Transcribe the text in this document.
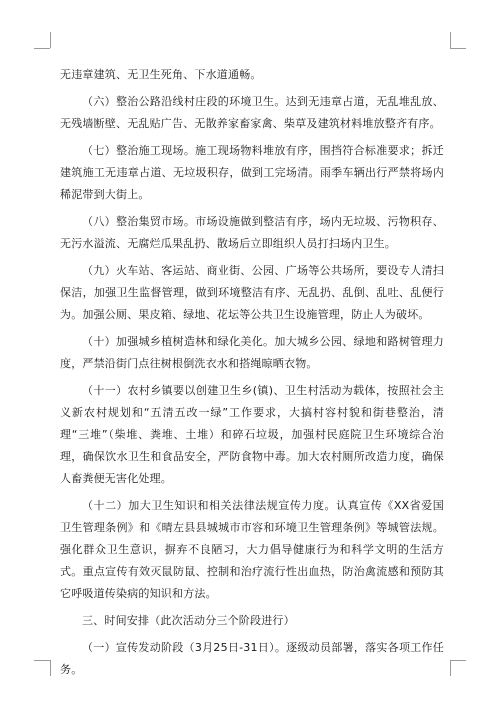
无违章建筑、无卫生死角、下水道通畅。

（六）整治公路沿线村庄段的环境卫生。达到无违章占道，无乱堆乱放、无残墙断壁、无乱贴广告、无散养家畜家禽、柴草及建筑材料堆放整齐有序。

（七）整治施工现场。施工现场物料堆放有序，围挡符合标准要求；拆迁建筑施工无违章占道、无垃圾积存，做到工完场清。雨季车辆出行严禁将场内稀泥带到大街上。

（八）整治集贸市场。市场设施做到整洁有序，场内无垃圾、污物积存、无污水溢流、无腐烂瓜果乱扔、散场后立即组织人员打扫场内卫生。

（九）火车站、客运站、商业街、公园、广场等公共场所，要设专人清扫保洁，加强卫生监督管理，做到环境整洁有序、无乱扔、乱倒、乱吐、乱便行为。加强公厕、果皮箱、绿地、花坛等公共卫生设施管理，防止人为破坏。

（十）加强城乡植树造林和绿化美化。加大城乡公园、绿地和路树管理力度，严禁沿街门点往树根倒洗衣水和搭绳晾晒衣物。

（十一）农村乡镇要以创建卫生乡(镇)、卫生村活动为载体，按照社会主义新农村规划和“五清五改一绿”工作要求，大搞村容村貌和街巷整治，清理“三堆”（柴堆、粪堆、土堆）和碎石垃圾，加强村民庭院卫生环境综合治理，确保饮水卫生和食品安全，严防食物中毒。加大农村厕所改造力度，确保人畜粪便无害化处理。

（十二）加大卫生知识和相关法律法规宣传力度。认真宣传《XX省爱国卫生管理条例》和《晴左县县城城市市容和环境卫生管理条例》等城管法规。强化群众卫生意识，摒弃不良陋习，大力倡导健康行为和科学文明的生活方式。重点宣传有效灭鼠防鼠、控制和治疗流行性出血热，防治禽流感和预防其它呼吸道传染病的知识和方法。

三、时间安排（此次活动分三个阶段进行）

（一）宣传发动阶段（3月25日-31日）。逐级动员部署，落实各项工作任务。
